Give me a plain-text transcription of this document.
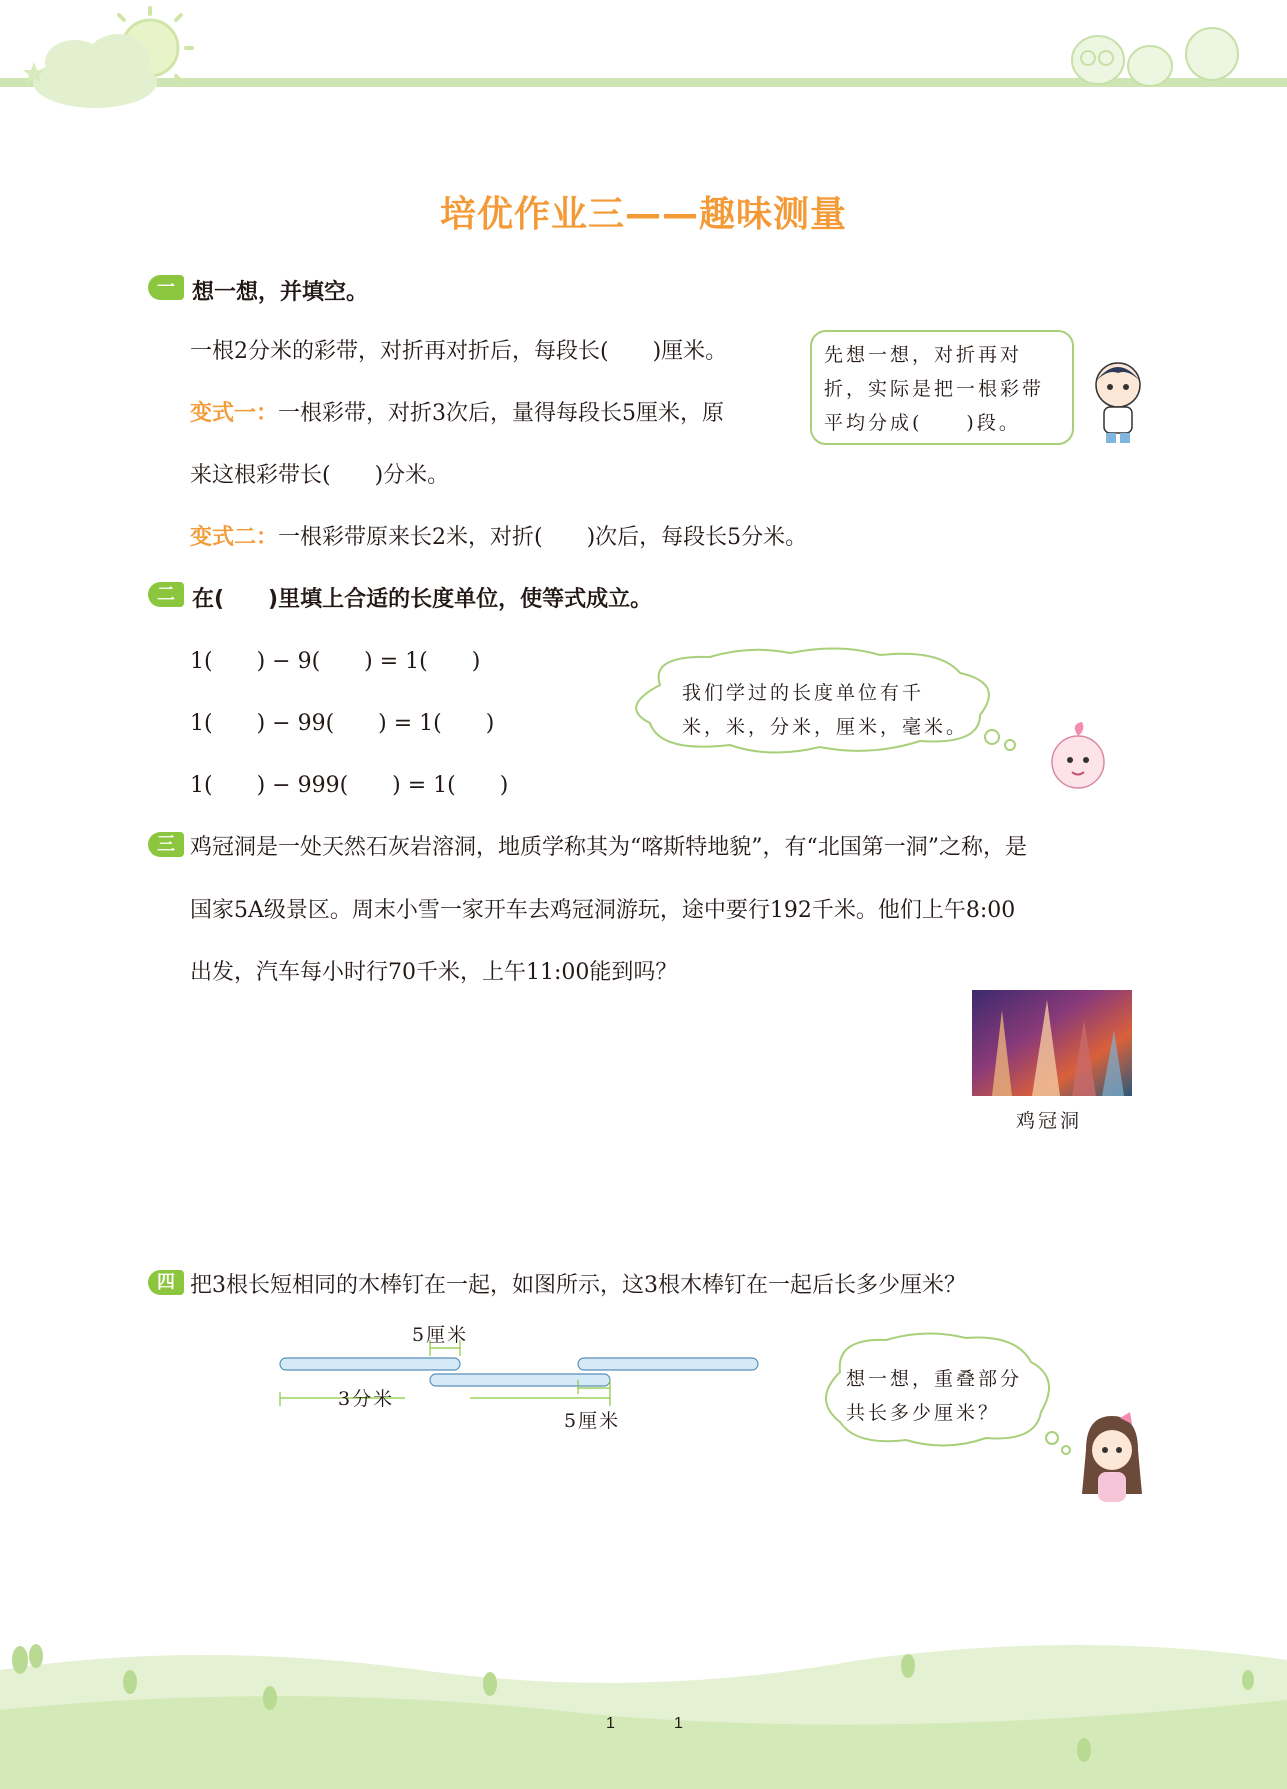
培优作业三——趣味测量
一 想一想，并填空。
一根2分米的彩带，对折再对折后，每段长(　　)厘米。
变式一：一根彩带，对折3次后，量得每段长5厘米，原
来这根彩带长(　　)分米。
变式二：一根彩带原来长2米，对折(　　)次后，每段长5分米。
先想一想，对折再对
折，实际是把一根彩带
平均分成(　　)段。
二 在(　　)里填上合适的长度单位，使等式成立。
1(　　) − 9(　　) = 1(　　)
1(　　) − 99(　　) = 1(　　)
1(　　) − 999(　　) = 1(　　)
我们学过的长度单位有千
米，米，分米，厘米，毫米。
三 鸡冠洞是一处天然石灰岩溶洞，地质学称其为“喀斯特地貌”，有“北国第一洞”之称，是
国家5A级景区。周末小雪一家开车去鸡冠洞游玩，途中要行192千米。他们上午8:00
出发，汽车每小时行70千米，上午11:00能到吗？
鸡冠洞
四 把3根长短相同的木棒钉在一起，如图所示，这3根木棒钉在一起后长多少厘米？
5厘米
3分米
5厘米
想一想，重叠部分
共长多少厘米？
1	1
